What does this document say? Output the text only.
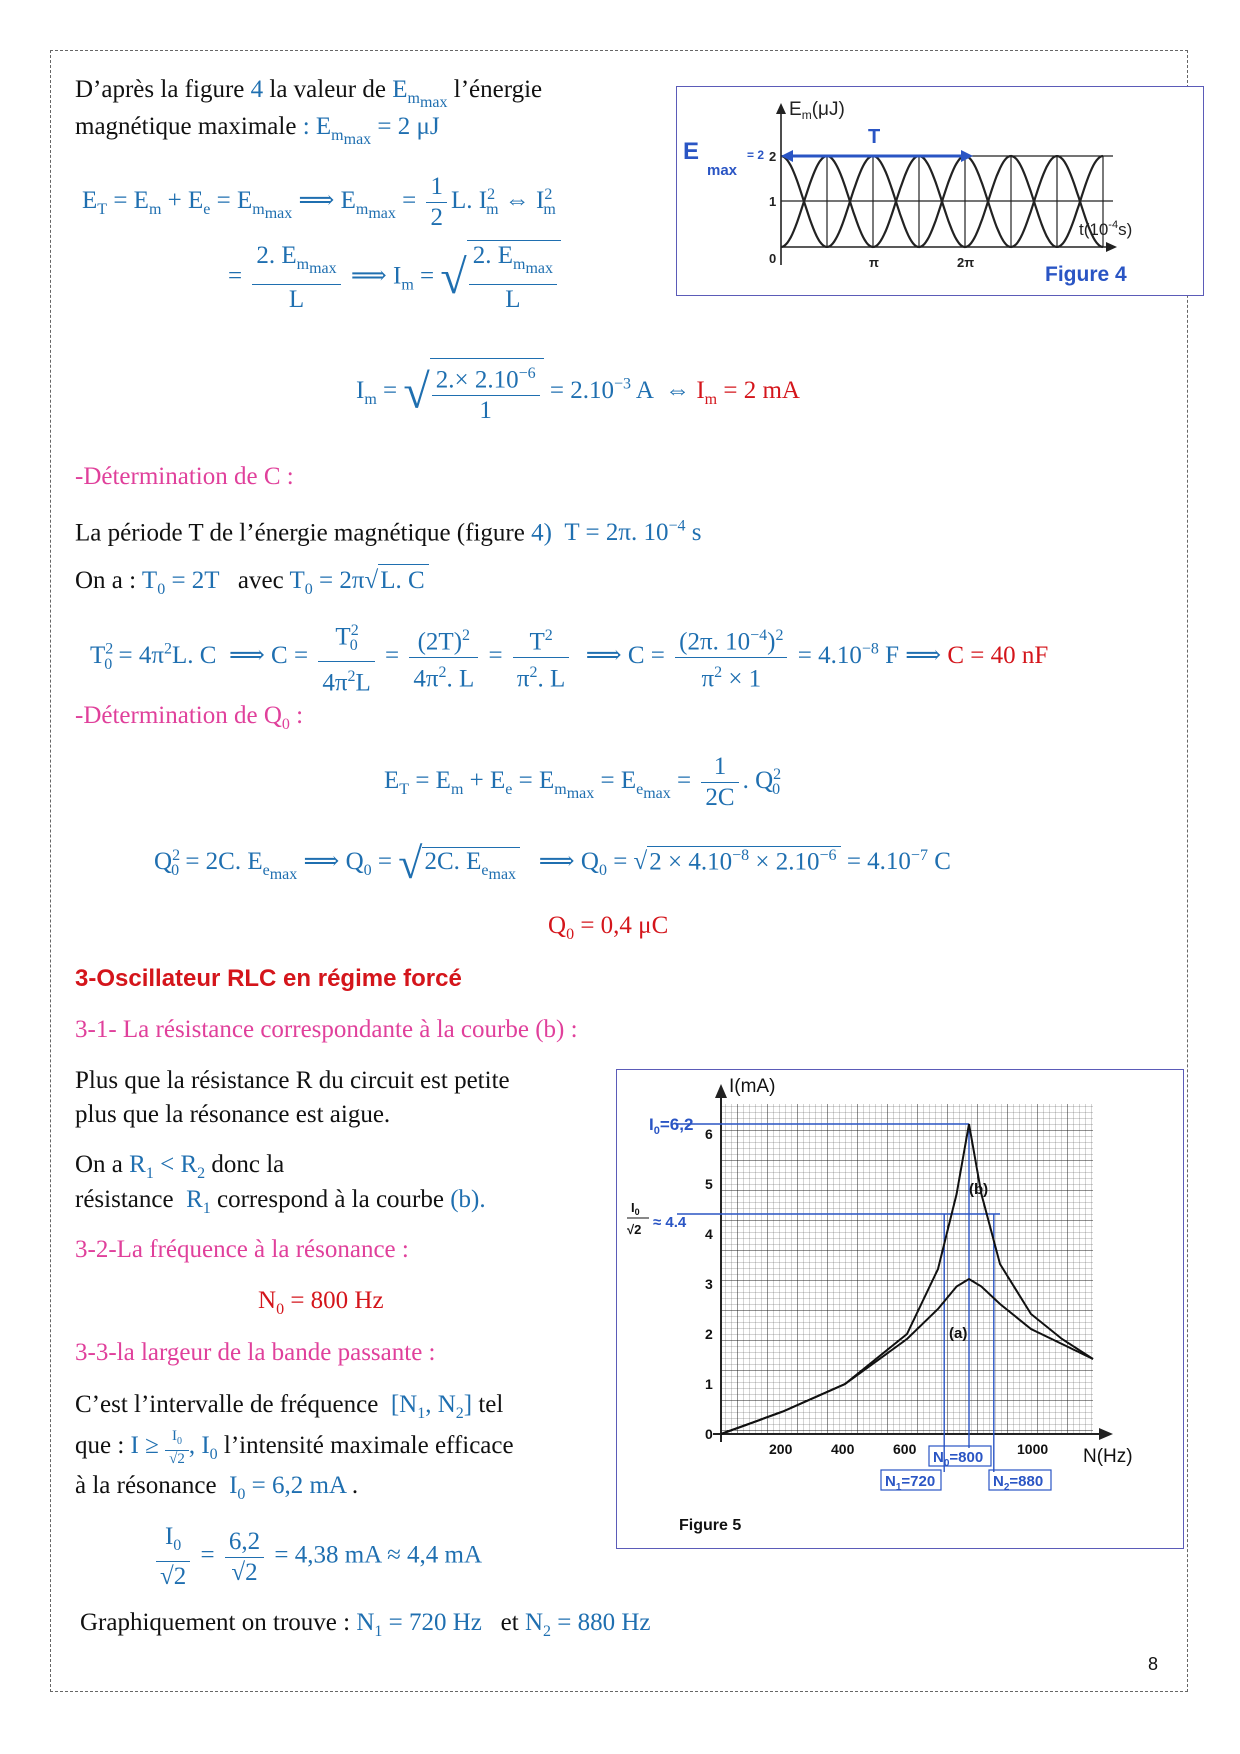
D’après la figure 4 la valeur de $E_{m_{max}}$ l’énergie
magnétique maximale : $E_{m_{max}} = 2$ μJ	T
$E_m(\mu J)$
$t(10^{-4}s)$
E
max
= 2 2
1
0	π	2π
Figure 4
$E_T = E_m + E_e = E_{m_{max}}$ ⟹ $E_{m_{max}} = \frac{1}{2} L$. $I^2_m$ ⇔ $I^2_m$
= $\frac{2. E_{m_{max}}}{L}$ ⟹ $I_m$ = √ $\frac{2. E_{m_{max}}}{L}$
$I_m$ = √ $\frac{2.\times 2.10^{-6}}{1} = 2.10^{-3}$ A ⇔ $I_m = 2$ mA
-Détermination de C :
La période T de l’énergie magnétique (figure 4) T = 2π. $10^{-4}$ s
On a : $T_0 = 2T$ avec $T_0 = 2\pi√L$. C
$T^2_0 = 4\pi^2L$. C ⟹ $C = \frac{T^2_0}{4\pi^2L} = \frac{(2T)^2}{4\pi^2. L} = \frac{T^2}{\pi^2. L}$ ⟹ $C = \frac{(2\pi. 10^{-4})^2}{\pi^2 \times 1} = 4.10^{-8}$ F ⟹ C = 40 nF
-Détermination de $Q_0$ :
$E_T = E_m + E_e = E_{m_{max}} = E_{e_{max}} = \frac{1}{2C}$ . $Q^2_0$
$Q^2_0 = 2C$. $E_{e_{max}}$ ⟹ $Q_0 = √2C$. $E_{e_{max}}$ ⟹ $Q_0 = √2 \times 4.10^{-8} \times 2.10^{-6} = 4.10^{-7}$ C
$Q_0 = 0,4$ μC
3-Oscillateur RLC en régime forcé
3-1- La résistance correspondante à la courbe (b) :
Plus que la résistance R du circuit est petite
plus que la résonance est aigue.
On a $R_1 < R_2$ donc la
résistance $R_1$ correspond à la courbe (b).
3-2-La fréquence à la résonance :
$N_0 = 800$ Hz
3-3-la largeur de la bande passante :
C’est l’intervalle de fréquence [$N_1$, $N_2$] tel
que : $I \ge \frac{I_0}{√2}$ , $I_0$ l’intensité maximale efficace
à la résonance $I_0 = 6,2$ mA .
$\frac{I_0}{√2} = \frac{6,2}{√2} = 4,38$ mA ≈ 4,4 mA
Graphiquement on trouve : $N_1 = 720$ Hz et $N_2 = 880$ Hz
6
5
4
3
2
1
0
200	400	600	1000
I(mA)
N(Hz)
(b)
(a)
$I_0=6,2$
$I_0$
√2 ≈ 4.4
$N_0=800$
$N_1=720$	$N_2=880$
Figure 5
8
